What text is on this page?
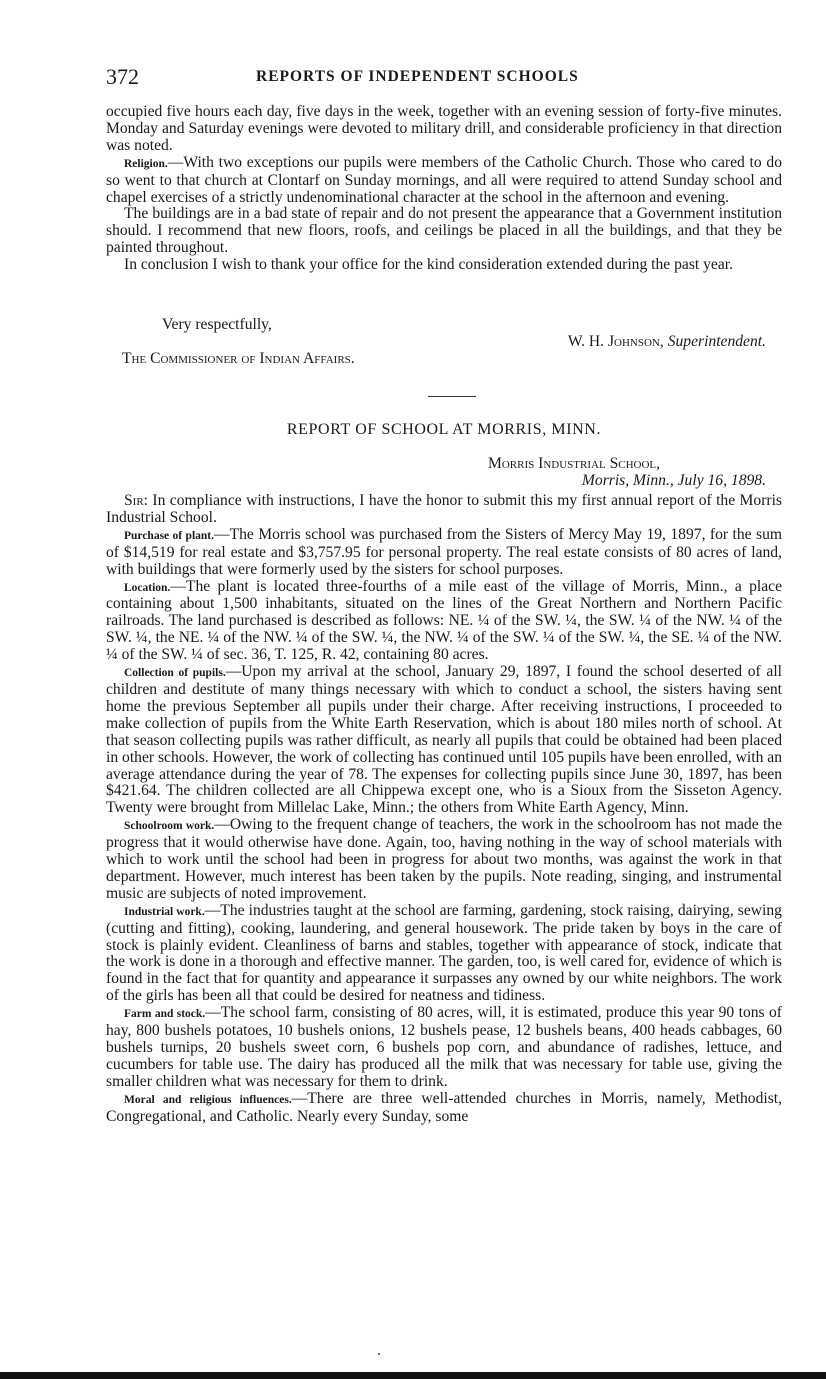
372	REPORTS OF INDEPENDENT SCHOOLS

occupied five hours each day, five days in the week, together with an evening session of forty-five minutes. Monday and Saturday evenings were devoted to military drill, and considerable proficiency in that direction was noted.

Religion.—With two exceptions our pupils were members of the Catholic Church. Those who cared to do so went to that church at Clontarf on Sunday mornings, and all were required to attend Sunday school and chapel exercises of a strictly undenominational character at the school in the afternoon and evening.

The buildings are in a bad state of repair and do not present the appearance that a Government institution should. I recommend that new floors, roofs, and ceilings be placed in all the buildings, and that they be painted throughout.

In conclusion I wish to thank your office for the kind consideration extended during the past year.

Very respectfully,
W. H. Johnson, Superintendent.
The Commissioner of Indian Affairs.
REPORT OF SCHOOL AT MORRIS, MINN.
Morris Industrial School,
Morris, Minn., July 16, 1898.

Sir: In compliance with instructions, I have the honor to submit this my first annual report of the Morris Industrial School.

Purchase of plant.—The Morris school was purchased from the Sisters of Mercy May 19, 1897, for the sum of $14,519 for real estate and $3,757.95 for personal property. The real estate consists of 80 acres of land, with buildings that were formerly used by the sisters for school purposes.

Location.—The plant is located three-fourths of a mile east of the village of Morris, Minn., a place containing about 1,500 inhabitants, situated on the lines of the Great Northern and Northern Pacific railroads. The land purchased is described as follows: NE. ¼ of the SW. ¼, the SW. ¼ of the NW. ¼ of the SW. ¼, the NE. ¼ of the NW. ¼ of the SW. ¼, the NW. ¼ of the SW. ¼ of the SW. ¼, the SE. ¼ of the NW. ¼ of the SW. ¼ of sec. 36, T. 125, R. 42, containing 80 acres.

Collection of pupils.—Upon my arrival at the school, January 29, 1897, I found the school deserted of all children and destitute of many things necessary with which to conduct a school, the sisters having sent home the previous September all pupils under their charge. After receiving instructions, I proceeded to make collection of pupils from the White Earth Reservation, which is about 180 miles north of school. At that season collecting pupils was rather difficult, as nearly all pupils that could be obtained had been placed in other schools. However, the work of collecting has continued until 105 pupils have been enrolled, with an average attendance during the year of 78. The expenses for collecting pupils since June 30, 1897, has been $421.64. The children collected are all Chippewa except one, who is a Sioux from the Sisseton Agency. Twenty were brought from Millelac Lake, Minn.; the others from White Earth Agency, Minn.

Schoolroom work.—Owing to the frequent change of teachers, the work in the schoolroom has not made the progress that it would otherwise have done. Again, too, having nothing in the way of school materials with which to work until the school had been in progress for about two months, was against the work in that department. However, much interest has been taken by the pupils. Note reading, singing, and instrumental music are subjects of noted improvement.

Industrial work.—The industries taught at the school are farming, gardening, stock raising, dairying, sewing (cutting and fitting), cooking, laundering, and general housework. The pride taken by boys in the care of stock is plainly evident. Cleanliness of barns and stables, together with appearance of stock, indicate that the work is done in a thorough and effective manner. The garden, too, is well cared for, evidence of which is found in the fact that for quantity and appearance it surpasses any owned by our white neighbors. The work of the girls has been all that could be desired for neatness and tidiness.

Farm and stock.—The school farm, consisting of 80 acres, will, it is estimated, produce this year 90 tons of hay, 800 bushels potatoes, 10 bushels onions, 12 bushels pease, 12 bushels beans, 400 heads cabbages, 60 bushels turnips, 20 bushels sweet corn, 6 bushels pop corn, and abundance of radishes, lettuce, and cucumbers for table use. The dairy has produced all the milk that was necessary for table use, giving the smaller children what was necessary for them to drink.

Moral and religious influences.—There are three well-attended churches in Morris, namely, Methodist, Congregational, and Catholic. Nearly every Sunday, some
